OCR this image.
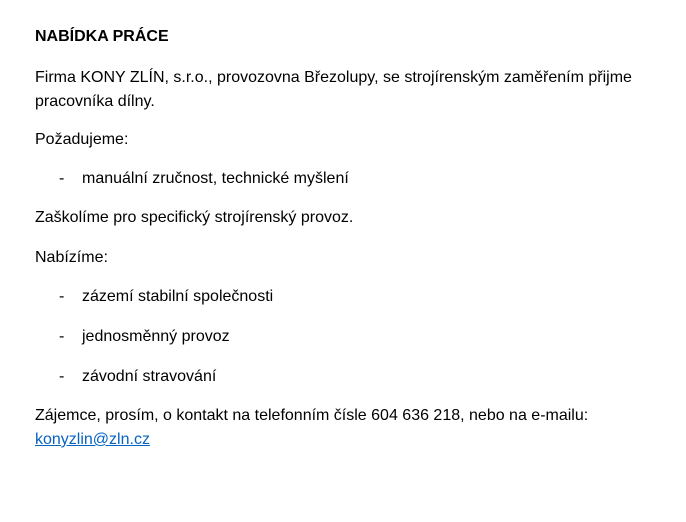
NABÍDKA PRÁCE

Firma KONY ZLÍN, s.r.o., provozovna Březolupy, se strojírenským zaměřením přijme pracovníka dílny.

Požadujeme:

- manuální zručnost, technické myšlení

Zaškolíme pro specifický strojírenský provoz.

Nabízíme:

- zázemí stabilní společnosti
- jednosměnný provoz
- závodní stravování

Zájemce, prosím, o kontakt na telefonním čísle 604 636 218, nebo na e-mailu:
konyzlin@zln.cz
